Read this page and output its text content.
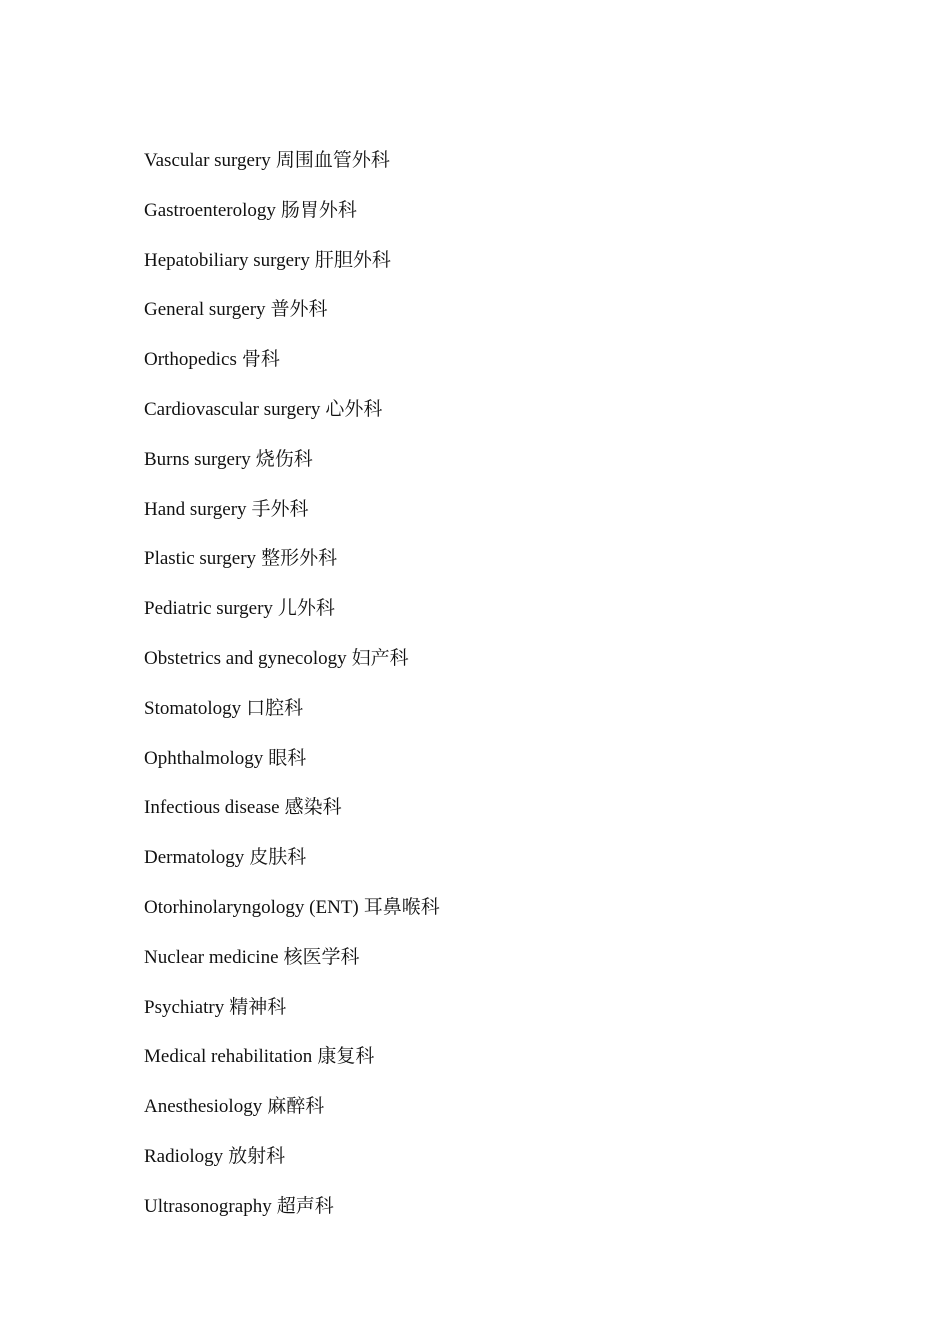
Vascular surgery 周围血管外科
Gastroenterology 肠胃外科
Hepatobiliary surgery 肝胆外科
General surgery 普外科
Orthopedics 骨科
Cardiovascular surgery 心外科
Burns surgery 烧伤科
Hand surgery 手外科
Plastic surgery 整形外科
Pediatric surgery 儿外科
Obstetrics and gynecology 妇产科
Stomatology 口腔科
Ophthalmology 眼科
Infectious disease 感染科
Dermatology 皮肤科
Otorhinolaryngology (ENT) 耳鼻喉科
Nuclear medicine 核医学科
Psychiatry 精神科
Medical rehabilitation 康复科
Anesthesiology 麻醉科
Radiology 放射科
Ultrasonography 超声科
